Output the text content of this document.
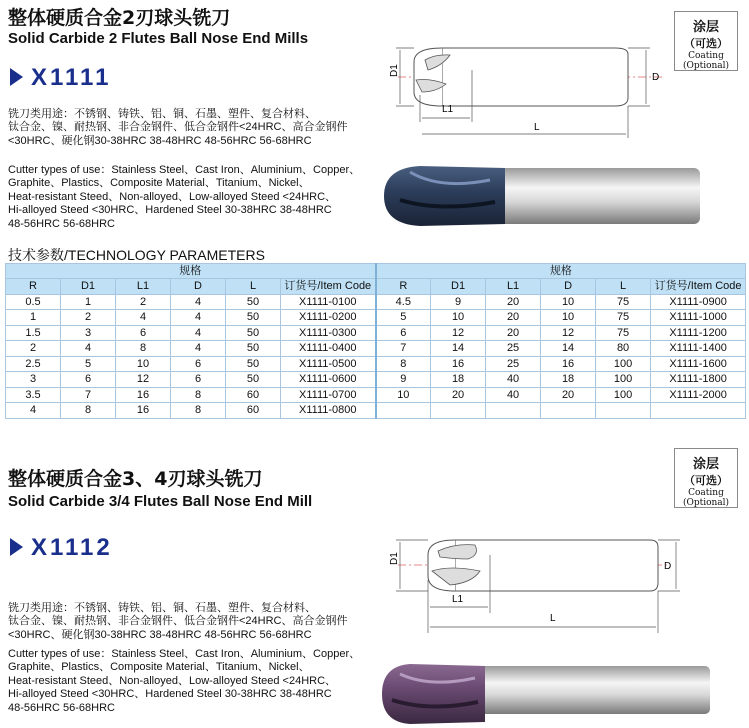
整体硬质合金2刃球头铣刀
Solid Carbide 2 Flutes Ball Nose End Mills
X1111
涂层
（可选）
Coating
(Optional)
D1
D
L1
L

铣刀类用途：不锈钢、铸铁、铝、铜、石墨、塑件、复合材料、

钛合金、镍、耐热钢、非合金钢件、低合金钢件<24HRC、高合金钢件

<30HRC、硬化钢30-38HRC 38-48HRC 48-56HRC 56-68HRC

Cutter types of use：Stainless Steel、Cast Iron、Aluminium、Copper、

Graphite、Plastics、Composite Material、Titanium、Nickel、

Heat-resistant Steed、Non-alloyed、Low-alloyed Steed <24HRC、

Hi-alloyed Steed <30HRC、Hardened Steel 30-38HRC 38-48HRC

48-56HRC 56-68HRC

技术参数/TECHNOLOGY PARAMETERS
规格						规格					
R	D1	L1	D	L	订货号/Item Code	R	D1	L1	D	L	订货号/Item Code
0.5	1	2	4	50	X1111-0100	4.5	9	20	10	75	X1111-0900
1	2	4	4	50	X1111-0200	5	10	20	10	75	X1111-1000
1.5	3	6	4	50	X1111-0300	6	12	20	12	75	X1111-1200
2	4	8	4	50	X1111-0400	7	14	25	14	80	X1111-1400
2.5	5	10	6	50	X1111-0500	8	16	25	16	100	X1111-1600
3	6	12	6	50	X1111-0600	9	18	40	18	100	X1111-1800
3.5	7	16	8	60	X1111-0700	10	20	40	20	100	X1111-2000
4	8	16	8	60	X1111-0800						
整体硬质合金3、4刃球头铣刀
Solid Carbide 3/4 Flutes Ball Nose End Mill
X1112
涂层
（可选）
Coating
(Optional)
D1
D
L1
L

铣刀类用途：不锈钢、铸铁、铝、铜、石墨、塑件、复合材料、

钛合金、镍、耐热钢、非合金钢件、低合金钢件<24HRC、高合金钢件

<30HRC、硬化钢30-38HRC 38-48HRC 48-56HRC 56-68HRC

Cutter types of use：Stainless Steel、Cast Iron、Aluminium、Copper、

Graphite、Plastics、Composite Material、Titanium、Nickel、

Heat-resistant Steed、Non-alloyed、Low-alloyed Steed <24HRC、

Hi-alloyed Steed <30HRC、Hardened Steel 30-38HRC 38-48HRC

48-56HRC 56-68HRC
